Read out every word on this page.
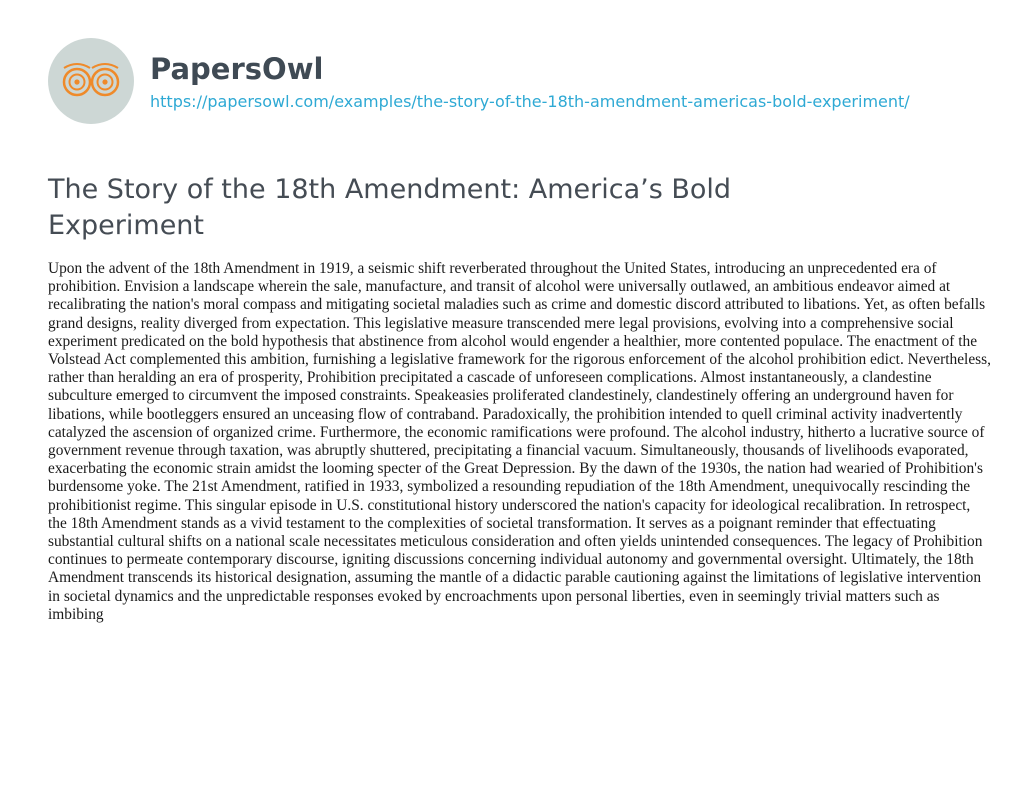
PapersOwl
https://papersowl.com/examples/the-story-of-the-18th-amendment-americas-bold-experiment/
The Story of the 18th Amendment: America’s Bold Experiment

Upon the advent of the 18th Amendment in 1919, a seismic shift reverberated throughout the United States, introducing an unprecedented era of prohibition. Envision a landscape wherein the sale, manufacture, and transit of alcohol were universally outlawed, an ambitious endeavor aimed at recalibrating the nation's moral compass and mitigating societal maladies such as crime and domestic discord attributed to libations. Yet, as often befalls grand designs, reality diverged from expectation. This legislative measure transcended mere legal provisions, evolving into a comprehensive social experiment predicated on the bold hypothesis that abstinence from alcohol would engender a healthier, more contented populace. The enactment of the Volstead Act complemented this ambition, furnishing a legislative framework for the rigorous enforcement of the alcohol prohibition edict. Nevertheless, rather than heralding an era of prosperity, Prohibition precipitated a cascade of unforeseen complications. Almost instantaneously, a clandestine subculture emerged to circumvent the imposed constraints. Speakeasies proliferated clandestinely, clandestinely offering an underground haven for libations, while bootleggers ensured an unceasing flow of contraband. Paradoxically, the prohibition intended to quell criminal activity inadvertently catalyzed the ascension of organized crime. Furthermore, the economic ramifications were profound. The alcohol industry, hitherto a lucrative source of government revenue through taxation, was abruptly shuttered, precipitating a financial vacuum. Simultaneously, thousands of livelihoods evaporated, exacerbating the economic strain amidst the looming specter of the Great Depression. By the dawn of the 1930s, the nation had wearied of Prohibition's burdensome yoke. The 21st Amendment, ratified in 1933, symbolized a resounding repudiation of the 18th Amendment, unequivocally rescinding the prohibitionist regime. This singular episode in U.S. constitutional history underscored the nation's capacity for ideological recalibration. In retrospect, the 18th Amendment stands as a vivid testament to the complexities of societal transformation. It serves as a poignant reminder that effectuating substantial cultural shifts on a national scale necessitates meticulous consideration and often yields unintended consequences. The legacy of Prohibition continues to permeate contemporary discourse, igniting discussions concerning individual autonomy and governmental oversight. Ultimately, the 18th Amendment transcends its historical designation, assuming the mantle of a didactic parable cautioning against the limitations of legislative intervention in societal dynamics and the unpredictable responses evoked by encroachments upon personal liberties, even in seemingly trivial matters such as imbibing
